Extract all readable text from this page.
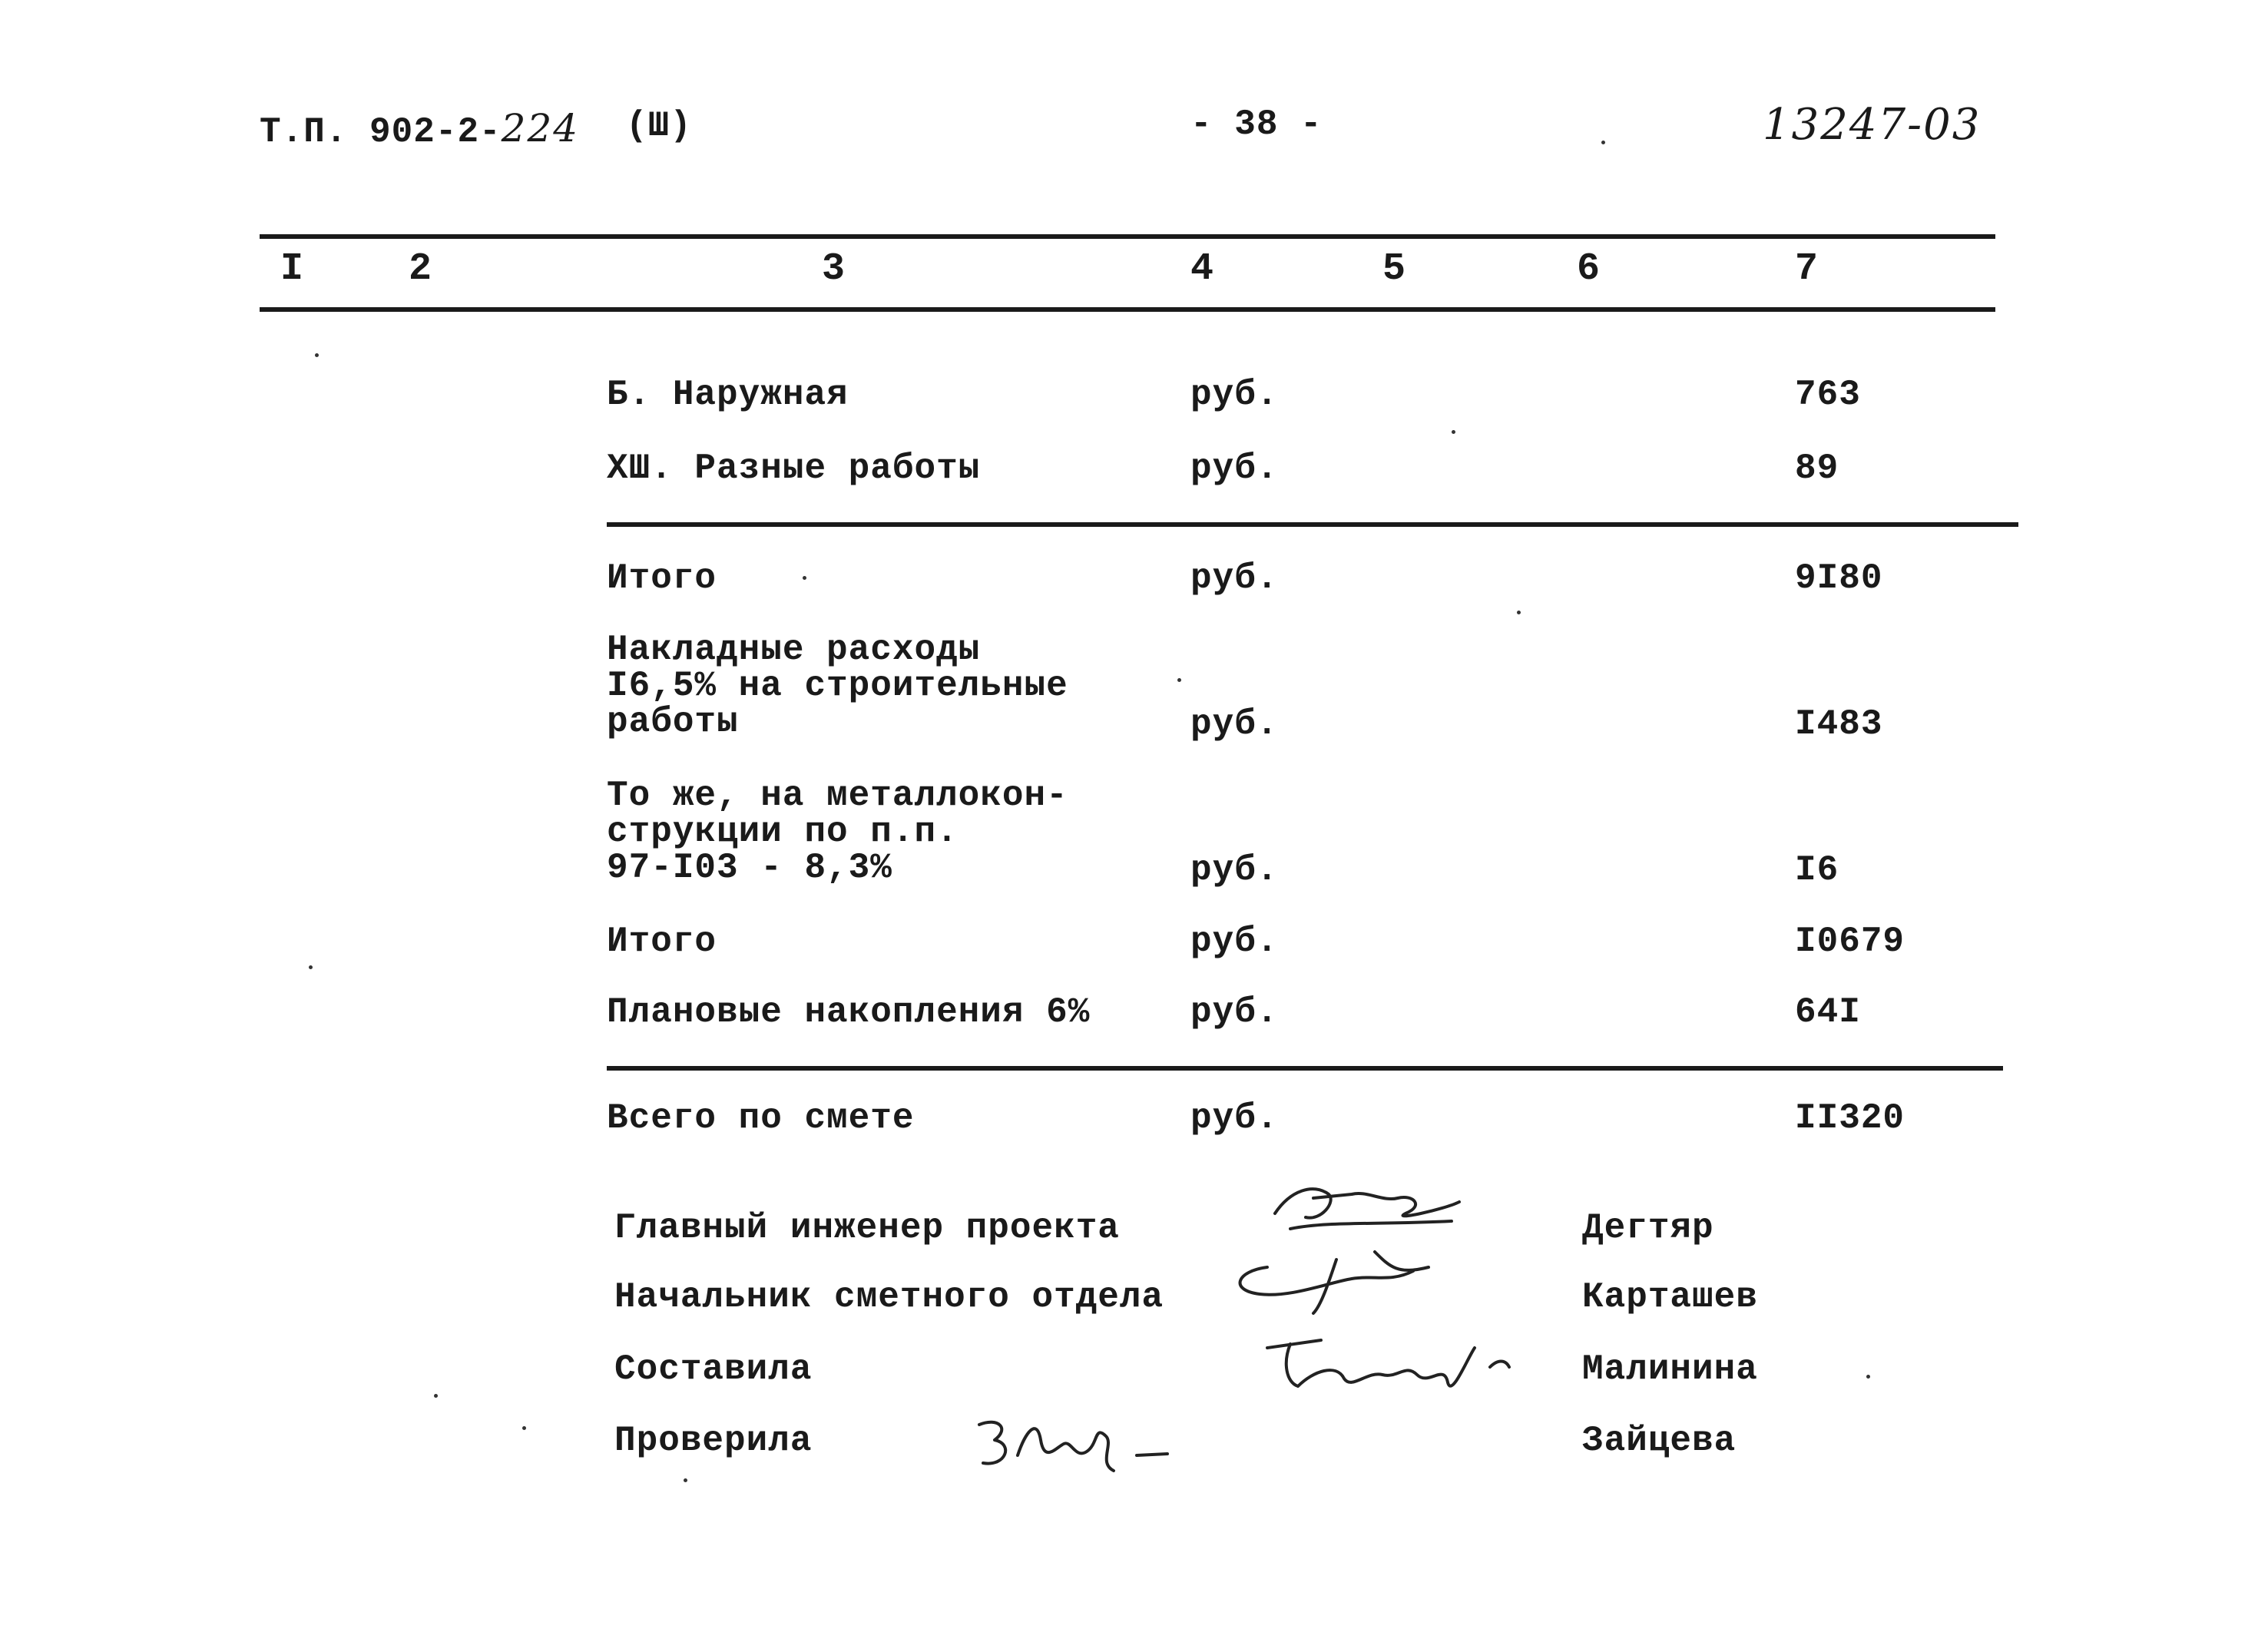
Т.П. 902-2-224 (Ш)	- 38 -	13247-03
I	2	3	4	5	6	7
Б. Наружная	руб.	763
ХШ. Разные работы	руб.	89
Итого	руб.	9I80
Накладные расходы
I6,5% на строительные
работы	руб.	I483
То же, на металлокон-
струкции по п.п.
97-I03 - 8,3%	руб.	I6
Итого	руб.	I0679
Плановые накопления 6%	руб.	64I
Всего по смете	руб.	II320
Главный инженер проекта	Дегтяр
Начальник сметного отдела	Карташев
Составила	Малинина
Проверила	Зайцева
